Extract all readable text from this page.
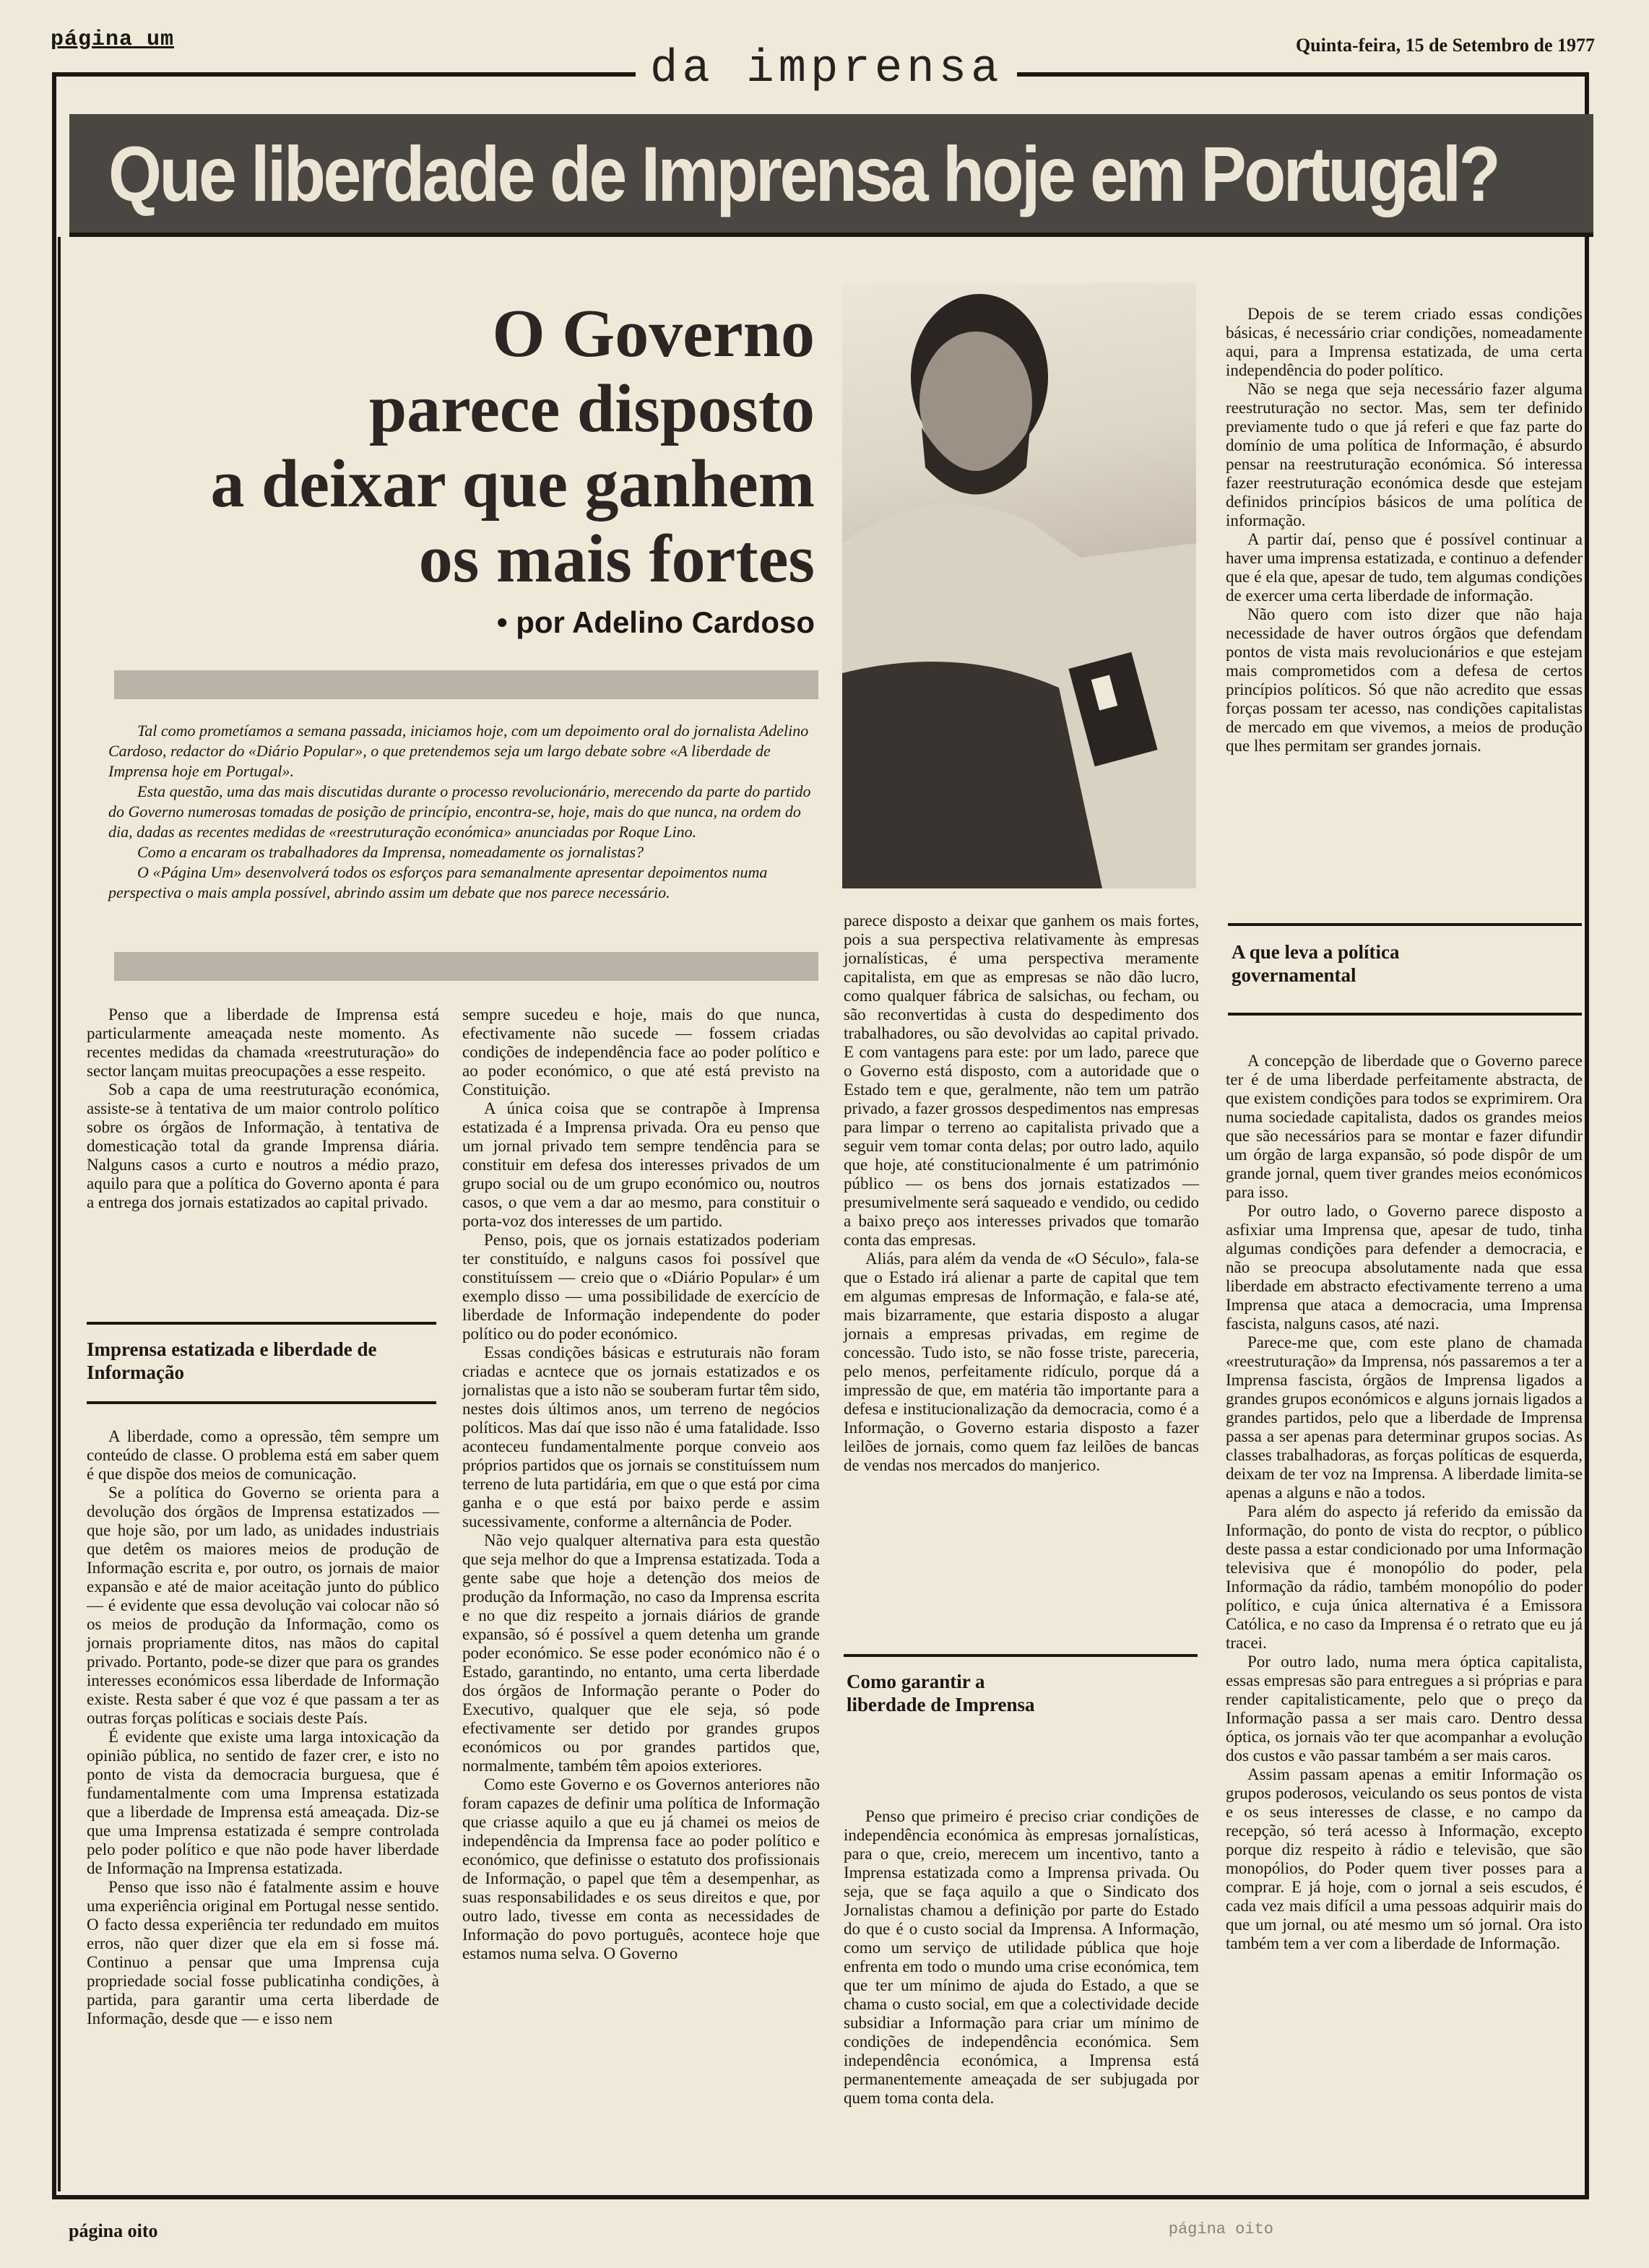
página um	Quinta-feira, 15 de Setembro de 1977
da imprensa
Que liberdade de Imprensa hoje em Portugal?
O Governo
parece disposto
a deixar que ganhem
os mais fortes
• por Adelino Cardoso

Tal como prometíamos a semana passada, iniciamos hoje, com um depoimento oral do jornalista Adelino Cardoso, redactor do «Diário Popular», o que pretendemos seja um largo debate sobre «A liberdade de Imprensa hoje em Portugal».

Esta questão, uma das mais discutidas durante o processo revolucionário, merecendo da parte do partido do Governo numerosas tomadas de posição de princípio, encontra-se, hoje, mais do que nunca, na ordem do dia, dadas as recentes medidas de «reestruturação económica» anunciadas por Roque Lino.

Como a encaram os trabalhadores da Imprensa, nomeadamente os jornalistas?

O «Página Um» desenvolverá todos os esforços para semanalmente apresentar depoimentos numa perspectiva o mais ampla possível, abrindo assim um debate que nos parece necessário.

Penso que a liberdade de Imprensa está particularmente ameaçada neste momento. As recentes medidas da chamada «reestruturação» do sector lançam muitas preocupações a esse respeito.

Sob a capa de uma reestruturação económica, assiste-se à tentativa de um maior controlo político sobre os órgãos de Informação, à tentativa de domesticação total da grande Imprensa diária. Nalguns casos a curto e noutros a médio prazo, aquilo para que a política do Governo aponta é para a entrega dos jornais estatizados ao capital privado.

Imprensa estatizada e liberdade de Informação

A liberdade, como a opressão, têm sempre um conteúdo de classe. O problema está em saber quem é que dispõe dos meios de comunicação.

Se a política do Governo se orienta para a devolução dos órgãos de Imprensa estatizados — que hoje são, por um lado, as unidades industriais que detêm os maiores meios de produção de Informação escrita e, por outro, os jornais de maior expansão e até de maior aceitação junto do público — é evidente que essa devolução vai colocar não só os meios de produção da Informação, como os jornais propriamente ditos, nas mãos do capital privado. Portanto, pode-se dizer que para os grandes interesses económicos essa liberdade de Informação existe. Resta saber é que voz é que passam a ter as outras forças políticas e sociais deste País.

É evidente que existe uma larga intoxicação da opinião pública, no sentido de fazer crer, e isto no ponto de vista da democracia burguesa, que é fundamentalmente com uma Imprensa estatizada que a liberdade de Imprensa está ameaçada. Diz-se que uma Imprensa estatizada é sempre controlada pelo poder político e que não pode haver liberdade de Informação na Imprensa estatizada.

Penso que isso não é fatalmente assim e houve uma experiência original em Portugal nesse sentido. O facto dessa experiência ter redundado em muitos erros, não quer dizer que ela em si fosse má. Continuo a pensar que uma Imprensa cuja propriedade social fosse publicatinha condições, à partida, para garantir uma certa liberdade de Informação, desde que — e isso nem

sempre sucedeu e hoje, mais do que nunca, efectivamente não sucede — fossem criadas condições de independência face ao poder político e ao poder económico, o que até está previsto na Constituição.

A única coisa que se contrapõe à Imprensa estatizada é a Imprensa privada. Ora eu penso que um jornal privado tem sempre tendência para se constituir em defesa dos interesses privados de um grupo social ou de um grupo económico ou, noutros casos, o que vem a dar ao mesmo, para constituir o porta-voz dos interesses de um partido.

Penso, pois, que os jornais estatizados poderiam ter constituído, e nalguns casos foi possível que constituíssem — creio que o «Diário Popular» é um exemplo disso — uma possibilidade de exercício de liberdade de Informação independente do poder político ou do poder económico.

Essas condições básicas e estruturais não foram criadas e acntece que os jornais estatizados e os jornalistas que a isto não se souberam furtar têm sido, nestes dois últimos anos, um terreno de negócios políticos. Mas daí que isso não é uma fatalidade. Isso aconteceu fundamentalmente porque conveio aos próprios partidos que os jornais se constituíssem num terreno de luta partidária, em que o que está por cima ganha e o que está por baixo perde e assim sucessivamente, conforme a alternância de Poder.

Não vejo qualquer alternativa para esta questão que seja melhor do que a Imprensa estatizada. Toda a gente sabe que hoje a detenção dos meios de produção da Informação, no caso da Imprensa escrita e no que diz respeito a jornais diários de grande expansão, só é possível a quem detenha um grande poder económico. Se esse poder económico não é o Estado, garantindo, no entanto, uma certa liberdade dos órgãos de Informação perante o Poder do Executivo, qualquer que ele seja, só pode efectivamente ser detido por grandes grupos económicos ou por grandes partidos que, normalmente, também têm apoios exteriores.

Como este Governo e os Governos anteriores não foram capazes de definir uma política de Informação que criasse aquilo a que eu já chamei os meios de independência da Imprensa face ao poder político e económico, que definisse o estatuto dos profissionais de Informação, o papel que têm a desempenhar, as suas responsabilidades e os seus direitos e que, por outro lado, tivesse em conta as necessidades de Informação do povo português, acontece hoje que estamos numa selva. O Governo

parece disposto a deixar que ganhem os mais fortes, pois a sua perspectiva relativamente às empresas jornalísticas, é uma perspectiva meramente capitalista, em que as empresas se não dão lucro, como qualquer fábrica de salsichas, ou fecham, ou são reconvertidas à custa do despedimento dos trabalhadores, ou são devolvidas ao capital privado. E com vantagens para este: por um lado, parece que o Governo está disposto, com a autoridade que o Estado tem e que, geralmente, não tem um patrão privado, a fazer grossos despedimentos nas empresas para limpar o terreno ao capitalista privado que a seguir vem tomar conta delas; por outro lado, aquilo que hoje, até constitucionalmente é um património público — os bens dos jornais estatizados — presumivelmente será saqueado e vendido, ou cedido a baixo preço aos interesses privados que tomarão conta das empresas.

Aliás, para além da venda de «O Século», fala-se que o Estado irá alienar a parte de capital que tem em algumas empresas de Informação, e fala-se até, mais bizarramente, que estaria disposto a alugar jornais a empresas privadas, em regime de concessão. Tudo isto, se não fosse triste, pareceria, pelo menos, perfeitamente ridículo, porque dá a impressão de que, em matéria tão importante para a defesa e institucionalização da democracia, como é a Informação, o Governo estaria disposto a fazer leilões de jornais, como quem faz leilões de bancas de vendas nos mercados do manjerico.

Como garantir a liberdade de Imprensa

Penso que primeiro é preciso criar condições de independência económica às empresas jornalísticas, para o que, creio, merecem um incentivo, tanto a Imprensa estatizada como a Imprensa privada. Ou seja, que se faça aquilo a que o Sindicato dos Jornalistas chamou a definição por parte do Estado do que é o custo social da Imprensa. A Informação, como um serviço de utilidade pública que hoje enfrenta em todo o mundo uma crise económica, tem que ter um mínimo de ajuda do Estado, a que se chama o custo social, em que a colectividade decide subsidiar a Informação para criar um mínimo de condições de independência económica. Sem independência económica, a Imprensa está permanentemente ameaçada de ser subjugada por quem toma conta dela.

Depois de se terem criado essas condições básicas, é necessário criar condições, nomeadamente aqui, para a Imprensa estatizada, de uma certa independência do poder político.

Não se nega que seja necessário fazer alguma reestruturação no sector. Mas, sem ter definido previamente tudo o que já referi e que faz parte do domínio de uma política de Informação, é absurdo pensar na reestruturação económica. Só interessa fazer reestruturação económica desde que estejam definidos princípios básicos de uma política de informação.

A partir daí, penso que é possível continuar a haver uma imprensa estatizada, e continuo a defender que é ela que, apesar de tudo, tem algumas condições de exercer uma certa liberdade de informação.

Não quero com isto dizer que não haja necessidade de haver outros órgãos que defendam pontos de vista mais revolucionários e que estejam mais comprometidos com a defesa de certos princípios políticos. Só que não acredito que essas forças possam ter acesso, nas condições capitalistas de mercado em que vivemos, a meios de produção que lhes permitam ser grandes jornais.

A que leva a política governamental

A concepção de liberdade que o Governo parece ter é de uma liberdade perfeitamente abstracta, de que existem condições para todos se exprimirem. Ora numa sociedade capitalista, dados os grandes meios que são necessários para se montar e fazer difundir um órgão de larga expansão, só pode dispôr de um grande jornal, quem tiver grandes meios económicos para isso.

Por outro lado, o Governo parece disposto a asfixiar uma Imprensa que, apesar de tudo, tinha algumas condições para defender a democracia, e não se preocupa absolutamente nada que essa liberdade em abstracto efectivamente terreno a uma Imprensa que ataca a democracia, uma Imprensa fascista, nalguns casos, até nazi.

Parece-me que, com este plano de chamada «reestruturação» da Imprensa, nós passaremos a ter a Imprensa fascista, órgãos de Imprensa ligados a grandes grupos económicos e alguns jornais ligados a grandes partidos, pelo que a liberdade de Imprensa passa a ser apenas para determinar grupos socias. As classes trabalhadoras, as forças políticas de esquerda, deixam de ter voz na Imprensa. A liberdade limita-se apenas a alguns e não a todos.

Para além do aspecto já referido da emissão da Informação, do ponto de vista do recptor, o público deste passa a estar condicionado por uma Informação televisiva que é monopólio do poder, pela Informação da rádio, também monopólio do poder político, e cuja única alternativa é a Emissora Católica, e no caso da Imprensa é o retrato que eu já tracei.

Por outro lado, numa mera óptica capitalista, essas empresas são para entregues a si próprias e para render capitalisticamente, pelo que o preço da Informação passa a ser mais caro. Dentro dessa óptica, os jornais vão ter que acompanhar a evolução dos custos e vão passar também a ser mais caros.

Assim passam apenas a emitir Informação os grupos poderosos, veiculando os seus pontos de vista e os seus interesses de classe, e no campo da recepção, só terá acesso à Informação, excepto porque diz respeito à rádio e televisão, que são monopólios, do Poder quem tiver posses para a comprar. E já hoje, com o jornal a seis escudos, é cada vez mais difícil a uma pessoas adquirir mais do que um jornal, ou até mesmo um só jornal. Ora isto também tem a ver com a liberdade de Informação.

página oito	página oito
